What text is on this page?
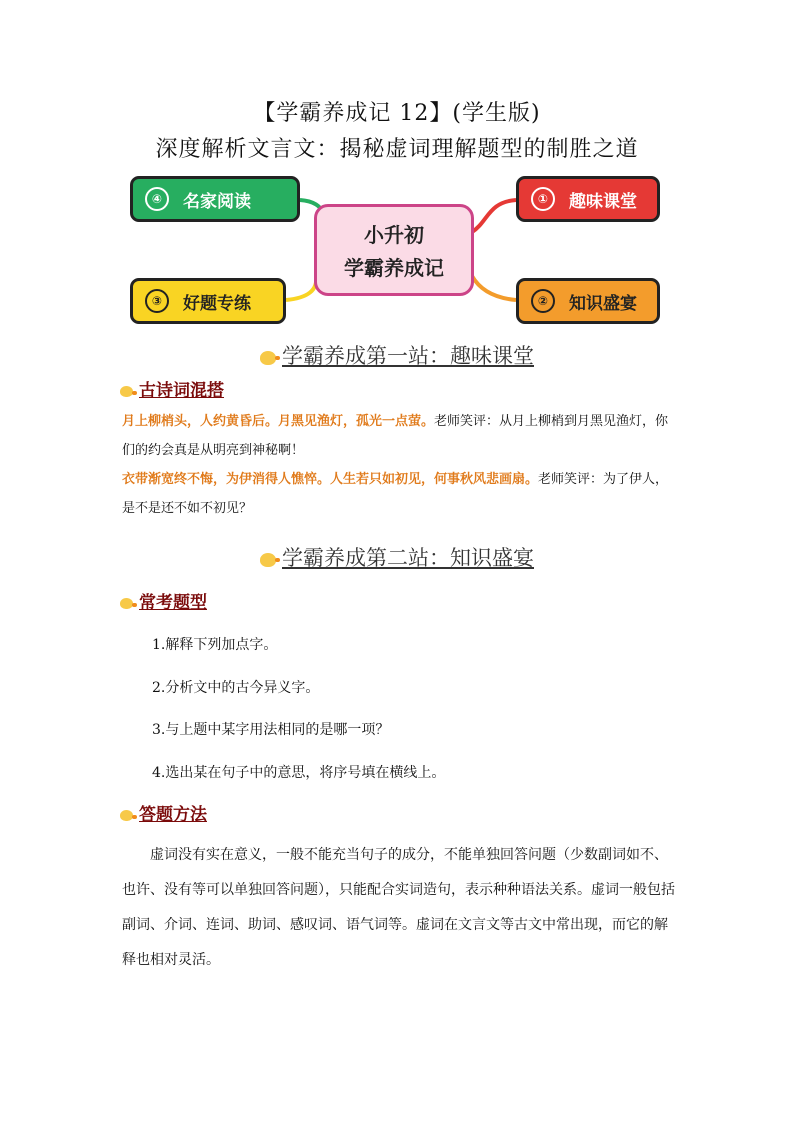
【学霸养成记 12】(学生版)
深度解析文言文：揭秘虚词理解题型的制胜之道
④	名家阅读	①	趣味课堂
③	好题专练	②	知识盛宴
小升初
学霸养成记
学霸养成第一站：趣味课堂
古诗词混搭
月上柳梢头，人约黄昏后。月黑见渔灯，孤光一点萤。老师笑评：从月上柳梢到月黑见渔灯，你们的约会真是从明亮到神秘啊！
衣带渐宽终不悔，为伊消得人憔悴。人生若只如初见，何事秋风悲画扇。老师笑评：为了伊人，是不是还不如不初见？
学霸养成第二站：知识盛宴
常考题型
1.解释下列加点字。
2.分析文中的古今异义字。
3.与上题中某字用法相同的是哪一项？
4.选出某在句子中的意思，将序号填在横线上。
答题方法
虚词没有实在意义，一般不能充当句子的成分，不能单独回答问题（少数副词如不、也许、没有等可以单独回答问题），只能配合实词造句，表示种种语法关系。虚词一般包括副词、介词、连词、助词、感叹词、语气词等。虚词在文言文等古文中常出现，而它的解释也相对灵活。
